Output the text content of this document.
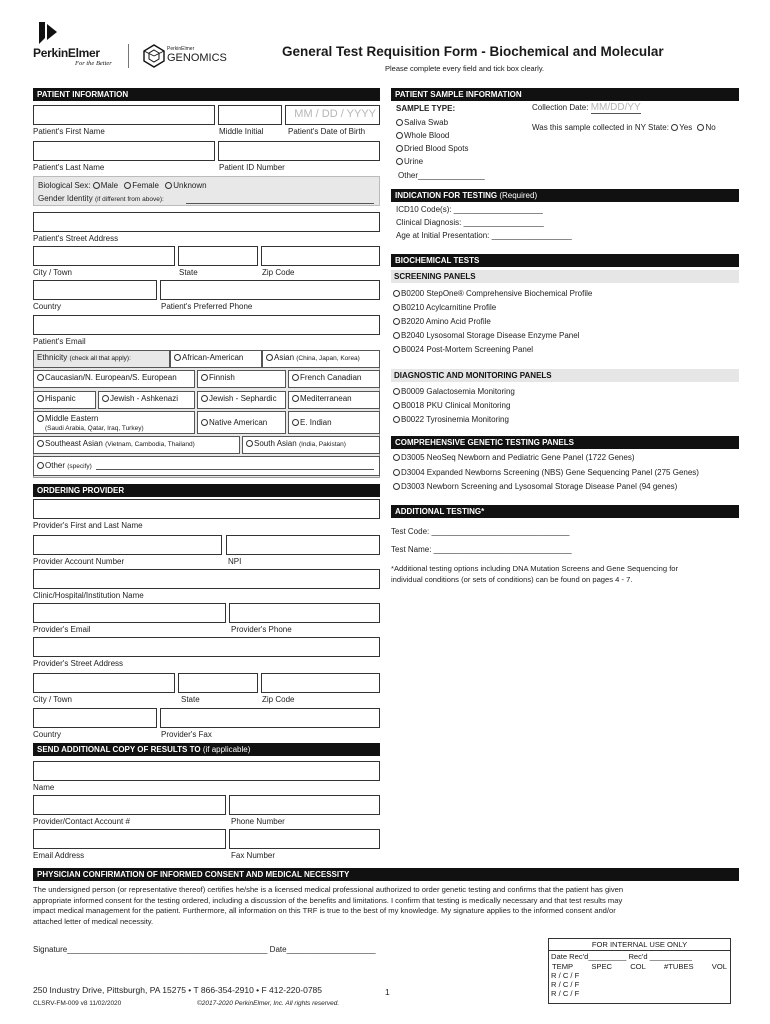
PerkinElmer
For the Better
PerkinElmer
GENOMICS	General Test Requisition Form - Biochemical and Molecular
Please complete every field and tick box clearly.
PATIENT INFORMATION
MM / DD / YYYY
Patient's First Name	Middle Initial	Patient's Date of Birth
Patient's Last Name	Patient ID Number
Biological Sex: Male Female Unknown
Gender Identity (if different from above):
Patient's Street Address
City / Town	State	Zip Code
Country	Patient's Preferred Phone
Patient's Email
Ethnicity (check all that apply):	African-American	Asian (China, Japan, Korea)
Caucasian/N. European/S. European	Finnish	French Canadian
Hispanic	Jewish - Ashkenazi	Jewish - Sephardic	Mediterranean
Middle Eastern
(Saudi Arabia, Qatar, Iraq, Turkey)
Native American	E. Indian
Southeast Asian (Vietnam, Cambodia, Thailand)	South Asian (India, Pakistan)
Other (specify)
ORDERING PROVIDER
Provider's First and Last Name
Provider Account Number	NPI
Clinic/Hospital/Institution Name
Provider's Email	Provider's Phone
Provider's Street Address
City / Town	State	Zip Code
Country	Provider's Fax
SEND ADDITIONAL COPY OF RESULTS TO (if applicable)
Name
Provider/Contact Account #	Phone Number
Email Address	Fax Number
PATIENT SAMPLE INFORMATION
SAMPLE TYPE:	Collection Date: MM/DD/YY
Saliva Swab
Whole Blood
Dried Blood Spots
Urine
Other_______________
Was this sample collected in NY State: Yes No
INDICATION FOR TESTING (Required)
ICD10 Code(s): ____________________
Clinical Diagnosis: __________________
Age at Initial Presentation: __________________
BIOCHEMICAL TESTS
SCREENING PANELS
B0200 StepOne® Comprehensive Biochemical Profile
B0210 Acylcarnitine Profile
B2020 Amino Acid Profile
B2040 Lysosomal Storage Disease Enzyme Panel
B0024 Post-Mortem Screening Panel
DIAGNOSTIC AND MONITORING PANELS
B0009 Galactosemia Monitoring
B0018 PKU Clinical Monitoring
B0022 Tyrosinemia Monitoring
COMPREHENSIVE GENETIC TESTING PANELS
D3005 NeoSeq Newborn and Pediatric Gene Panel (1722 Genes)
D3004 Expanded Newborns Screening (NBS) Gene Sequencing Panel (275 Genes)
D3003 Newborn Screening and Lysosomal Storage Disease Panel (94 genes)
ADDITIONAL TESTING*
Test Code: _______________________________
Test Name: _______________________________
*Additional testing options including DNA Mutation Screens and Gene Sequencing for
individual conditions (or sets of conditions) can be found on pages 4 - 7.
PHYSICIAN CONFIRMATION OF INFORMED CONSENT AND MEDICAL NECESSITY
The undersigned person (or representative thereof) certifies he/she is a licensed medical professional authorized to order genetic testing and confirms that the patient has given
appropriate informed consent for the testing ordered, including a discussion of the benefits and limitations. I confirm that testing is medically necessary and that test results may
impact medical management for the patient. Furthermore, all information on this TRF is true to the best of my knowledge. My signature applies to the informed consent and/or
attached letter of medical necessity.
Signature_____________________________________________ Date____________________
FOR INTERNAL USE ONLY
Date Rec'd_________ Rec'd __________
TEMP SPEC COL #TUBES VOL
R / C / F
R / C / F
R / C / F
250 Industry Drive, Pittsburgh, PA 15275 • T 866-354-2910 • F 412-220-0785	1
CLSRV-FM-009 v8 11/02/2020	©2017-2020 PerkinElmer, Inc. All rights reserved.
